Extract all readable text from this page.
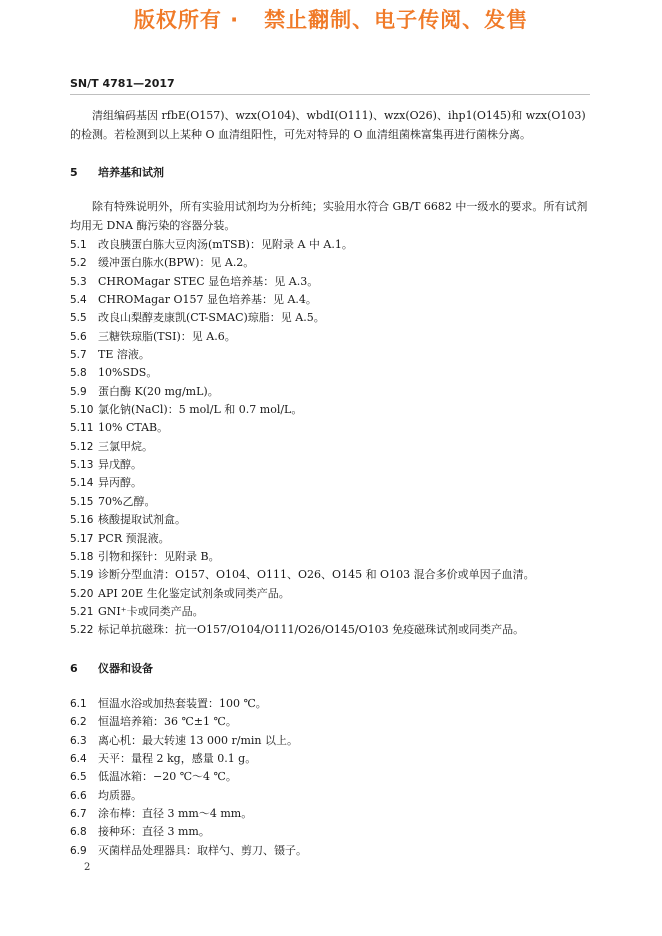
版权所有 ·   禁止翻制、电子传阅、发售
SN/T 4781—2017

清组编码基因 rfbE(O157)、wzx(O104)、wbdI(O111)、wzx(O26)、ihp1(O145)和 wzx(O103)的检测。若检测到以上某种 O 血清组阳性，可先对特异的 O 血清组菌株富集再进行菌株分离。

5 培养基和试剂

除有特殊说明外，所有实验用试剂均为分析纯；实验用水符合 GB/T 6682 中一级水的要求。所有试剂均用无 DNA 酶污染的容器分装。

5.1	改良胰蛋白胨大豆肉汤(mTSB)：见附录 A 中 A.1。
5.2	缓冲蛋白胨水(BPW)：见 A.2。
5.3	CHROMagar STEC 显色培养基：见 A.3。
5.4	CHROMagar O157 显色培养基：见 A.4。
5.5	改良山梨醇麦康凯(CT-SMAC)琼脂：见 A.5。
5.6	三糖铁琼脂(TSI)：见 A.6。
5.7	TE 溶液。
5.8	10%SDS。
5.9	蛋白酶 K(20 mg/mL)。
5.10 氯化钠(NaCl)：5 mol/L 和 0.7 mol/L。
5.11 10% CTAB。
5.12 三氯甲烷。
5.13 异戊醇。
5.14 异丙醇。
5.15 70%乙醇。
5.16 核酸提取试剂盒。
5.17 PCR 预混液。
5.18 引物和探针：见附录 B。
5.19 诊断分型血清：O157、O104、O111、O26、O145 和 O103 混合多价或单因子血清。
5.20 API 20E 生化鉴定试剂条或同类产品。
5.21 GNI⁺卡或同类产品。
5.22 标记单抗磁珠：抗一O157/O104/O111/O26/O145/O103 免疫磁珠试剂或同类产品。
6 仪器和设备
6.1	恒温水浴或加热套装置：100 ℃。
6.2	恒温培养箱：36 ℃±1 ℃。
6.3	离心机：最大转速 13 000 r/min 以上。
6.4	天平：量程 2 kg，感量 0.1 g。
6.5	低温冰箱：−20 ℃～4 ℃。
6.6	均质器。
6.7	涂布棒：直径 3 mm～4 mm。
6.8	接种环：直径 3 mm。
6.9	灭菌样品处理器具：取样勺、剪刀、镊子。
2
